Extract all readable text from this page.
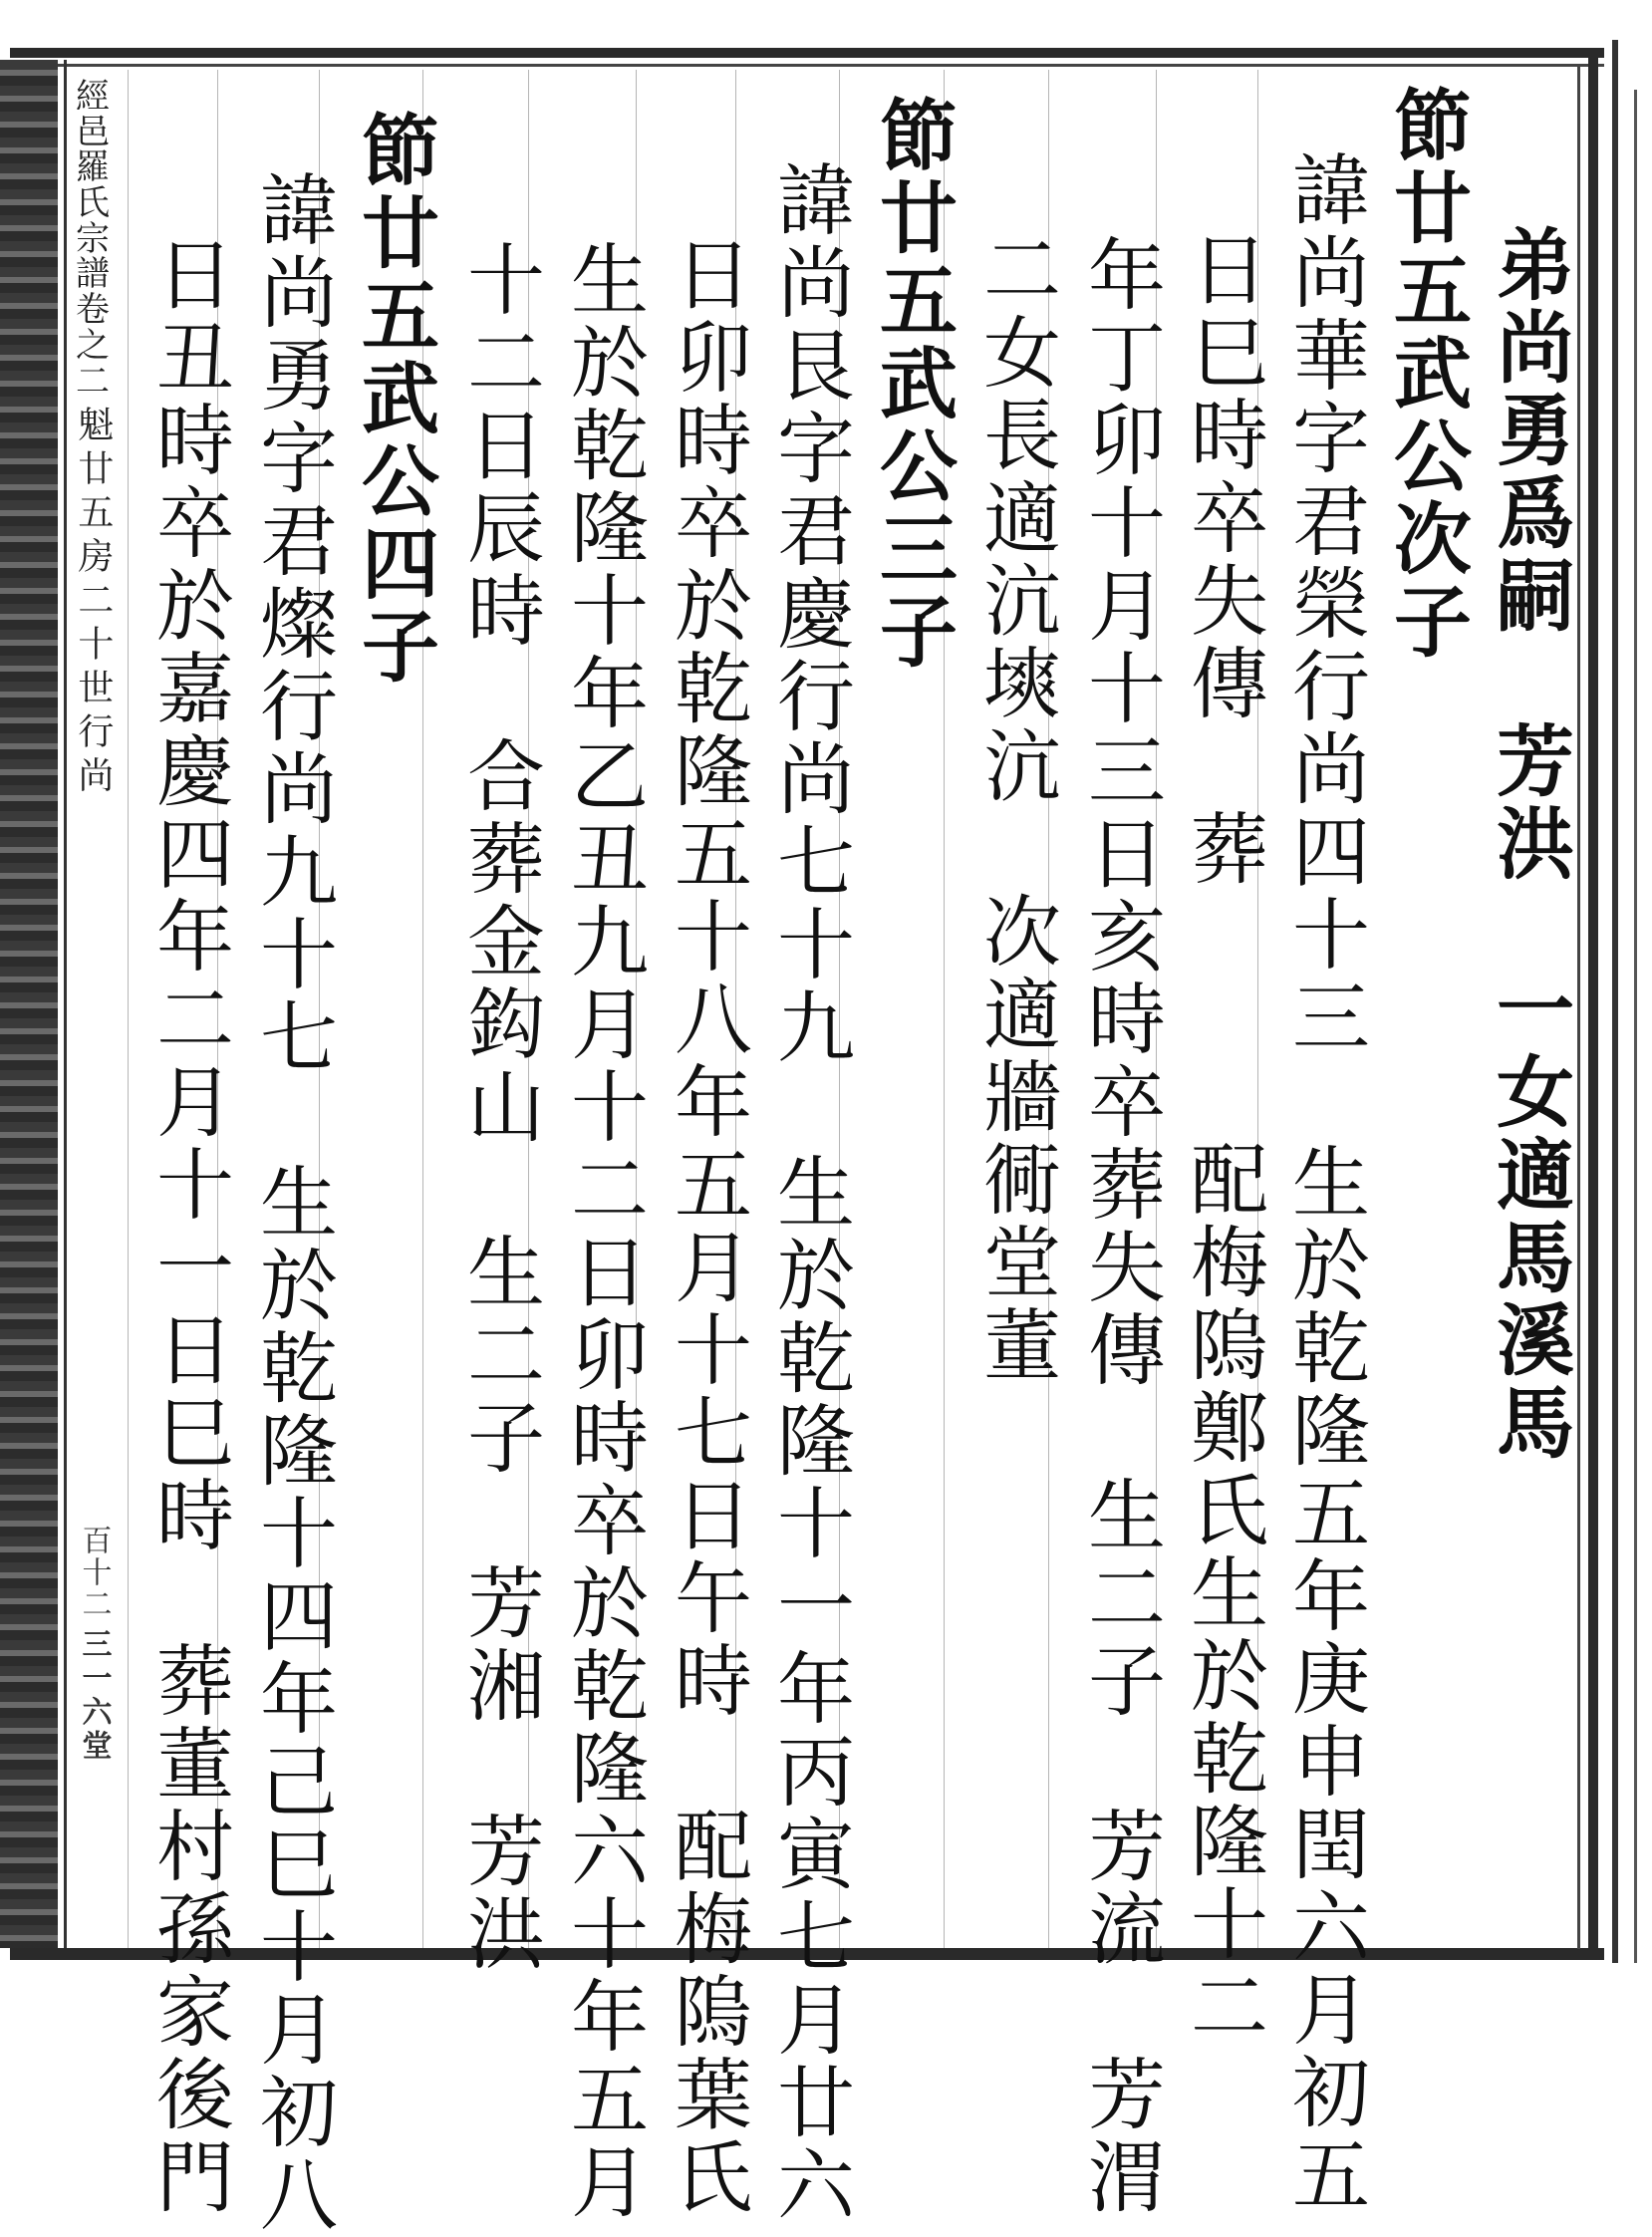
經
邑
羅
氏
宗
譜
卷
之
二
魁廿五房二十世行尚
百十二
三一六堂
弟尚勇爲嗣　芳洪　一女適馬溪馬
節廿五武公次子
諱尚華字君榮行尚四十三　生於乾隆五年庚申閏六月初五
日巳時卒失傳　葬　　　配梅隖鄭氏生於乾隆十二
年丁卯十月十三日亥時卒葬失傳　生二子　芳流　芳渭
二女長適沆塽沆　次適牆衕堂董
節廿五武公三子
諱尚艮字君慶行尚七十九　生於乾隆十一年丙寅七月廿六
日卯時卒於乾隆五十八年五月十七日午時　配梅隖葉氏
生於乾隆十年乙丑九月十二日卯時卒於乾隆六十年五月
十二日辰時　合葬金鈎山　生二子　芳湘　芳洪
節廿五武公四子
諱尚勇字君燦行尚九十七　生於乾隆十四年己巳十月初八
日丑時卒於嘉慶四年二月十一日巳時　葬董村孫家後門
